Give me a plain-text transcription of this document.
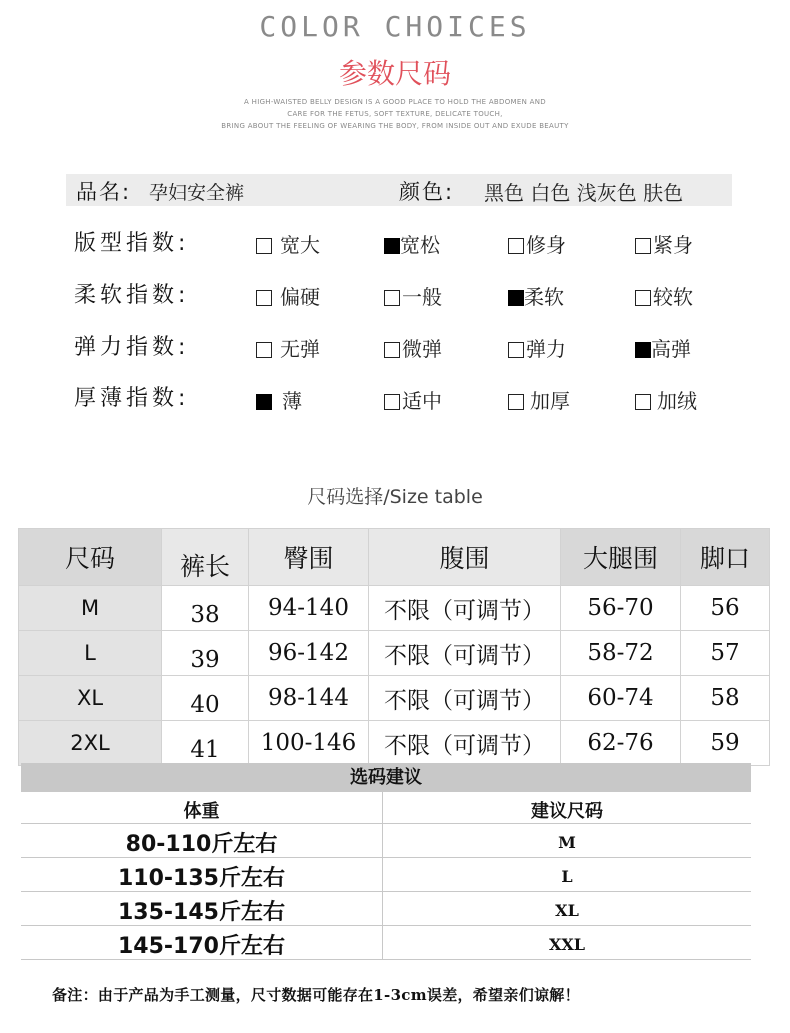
COLOR CHOICES
参数尺码
A HIGH-WAISTED BELLY DESIGN IS A GOOD PLACE TO HOLD THE ABDOMEN AND
CARE FOR THE FETUS, SOFT TEXTURE, DELICATE TOUCH,
BRING ABOUT THE FEELING OF WEARING THE BODY, FROM INSIDE OUT AND EXUDE BEAUTY
品名: 孕妇安全裤	颜色: 黑色 白色 浅灰色 肤色
版型指数:	宽大	宽松	修身	紧身
柔软指数:	偏硬	一般	柔软	较软
弹力指数:	无弹	微弹	弹力	高弹
厚薄指数:	薄	适中	加厚	加绒
尺码选择/Size table
尺码	裤长	臀围	腹围	大腿围	脚口
M	38	94-140	不限（可调节）	56-70	56
L	39	96-142	不限（可调节）	58-72	57
XL	40	98-144	不限（可调节）	60-74	58
2XL	41	100-146	不限（可调节）	62-76	59
选码建议
体重	建议尺码
80-110斤左右	M
110-135斤左右	L
135-145斤左右	XL
145-170斤左右	XXL
备注：由于产品为手工测量，尺寸数据可能存在1-3cm误差，希望亲们谅解！
